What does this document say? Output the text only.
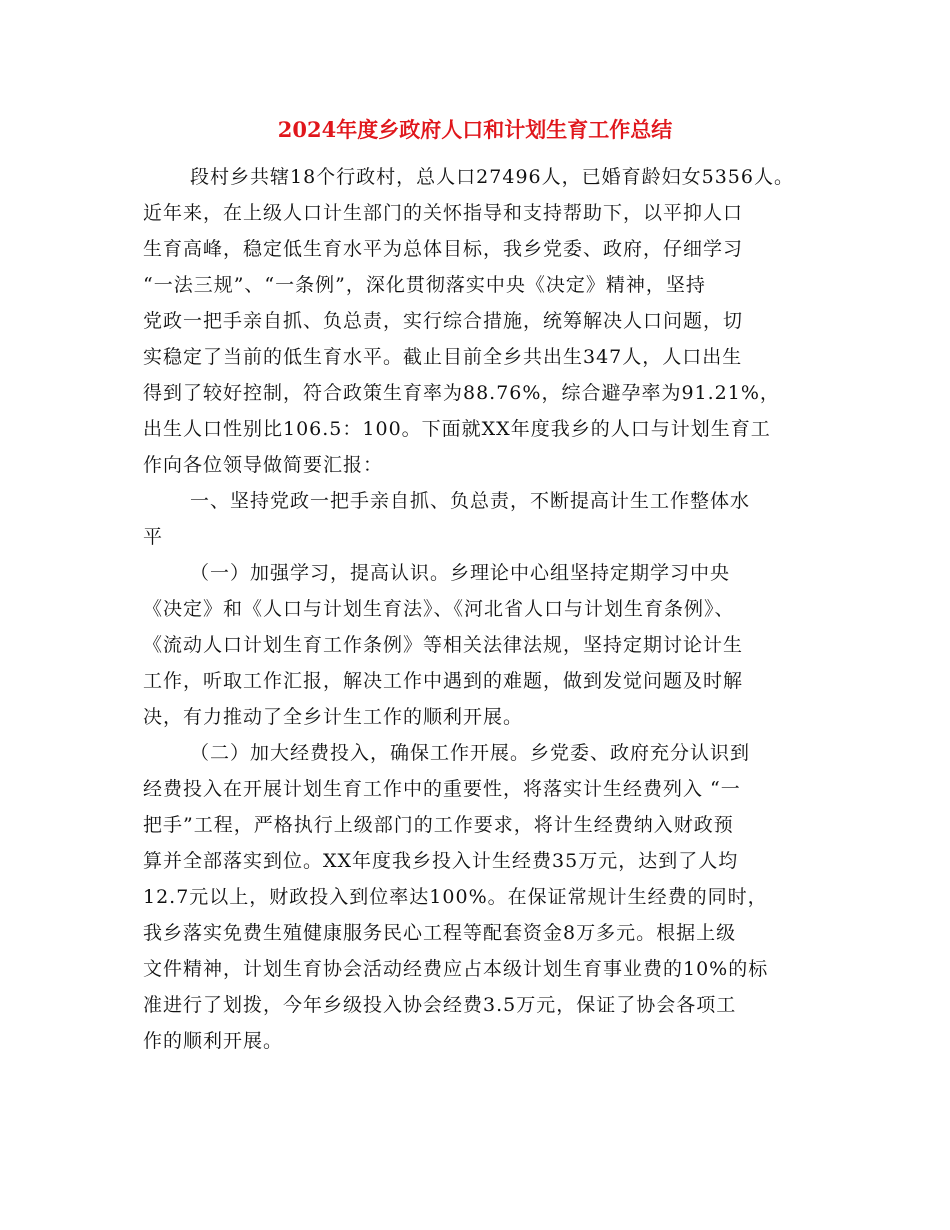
2024年度乡政府人口和计划生育工作总结
段村乡共辖18个行政村，总人口27496人，已婚育龄妇女5356人。
近年来，在上级人口计生部门的关怀指导和支持帮助下，以平抑人口
生育高峰，稳定低生育水平为总体目标，我乡党委、政府，仔细学习
“一法三规”、“一条例”，深化贯彻落实中央《决定》精神，坚持
党政一把手亲自抓、负总责，实行综合措施，统筹解决人口问题，切
实稳定了当前的低生育水平。截止目前全乡共出生347人，人口出生
得到了较好控制，符合政策生育率为88.76%，综合避孕率为91.21%，
出生人口性别比106.5：100。下面就XX年度我乡的人口与计划生育工
作向各位领导做简要汇报：
一、坚持党政一把手亲自抓、负总责，不断提高计生工作整体水
平
（一）加强学习，提高认识。乡理论中心组坚持定期学习中央
《决定》和《人口与计划生育法》、《河北省人口与计划生育条例》、
《流动人口计划生育工作条例》等相关法律法规，坚持定期讨论计生
工作，听取工作汇报，解决工作中遇到的难题，做到发觉问题及时解
决，有力推动了全乡计生工作的顺利开展。
（二）加大经费投入，确保工作开展。乡党委、政府充分认识到
经费投入在开展计划生育工作中的重要性，将落实计生经费列入 “一
把手”工程，严格执行上级部门的工作要求，将计生经费纳入财政预
算并全部落实到位。XX年度我乡投入计生经费35万元，达到了人均
12.7元以上，财政投入到位率达100%。在保证常规计生经费的同时，
我乡落实免费生殖健康服务民心工程等配套资金8万多元。根据上级
文件精神，计划生育协会活动经费应占本级计划生育事业费的10%的标
准进行了划拨，今年乡级投入协会经费3.5万元，保证了协会各项工
作的顺利开展。
